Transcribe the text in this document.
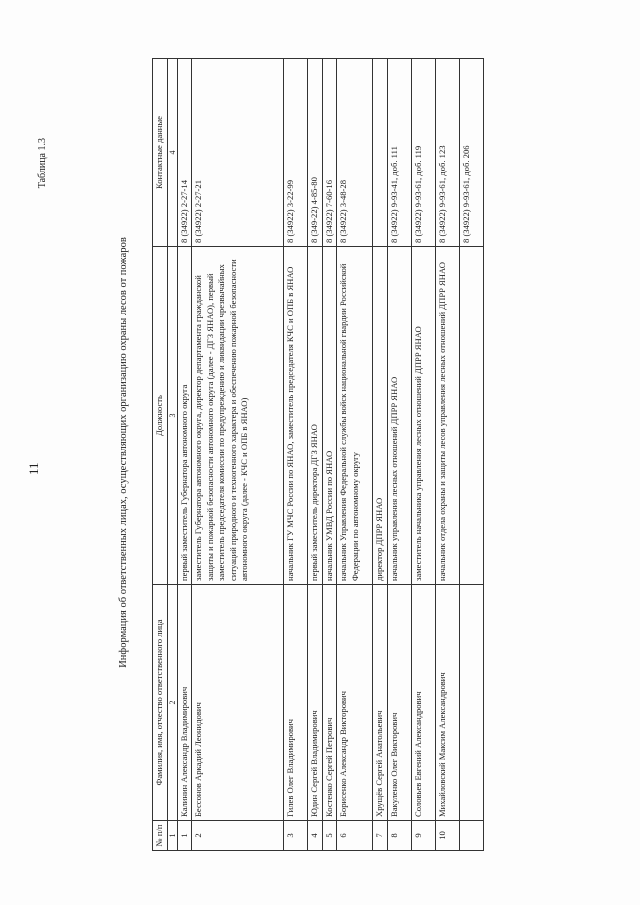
11
Таблица 1.3
Информация об ответственных лицах, осуществляющих организацию охраны лесов от пожаров
№ п/п	Фамилия, имя, отчество ответственного лица	Должность	Контактные данные
1	2	3	4
1	Калинин Александр Владимирович	первый заместитель Губернатора автономного округа	8 (34922) 2-27-14
2	Бессонов Аркадий Леонидович	заместитель Губернатора автономного округа, директор департамента гражданской защиты и пожарной безопасности автономного округа (далее - ДГЗ ЯНАО), первый заместитель председателя комиссии по предупреждению и ликвидации чрезвычайных ситуаций природного и техногенного характера и обеспечению пожарной безопасности автономного округа (далее - КЧС и ОПБ в ЯНАО)	8 (34922) 2-27-21
3	Гилев Олег Владимирович	начальник ГУ МЧС России по ЯНАО, заместитель председателя КЧС и ОПБ в ЯНАО	8 (34922) 3-22-99
4	Юдин Сергей Владимирович	первый заместитель директора ДГЗ ЯНАО	8 (349-22) 4-85-80
5	Костенко Сергей Петрович	начальник УМВД России по ЯНАО	8 (34922) 7-60-16
6	Борисенко Александр Викторович	начальник Управления Федеральной службы войск национальной гвардии Российской Федерации по автономному округу	8 (34922) 3-48-28
7	Хрущёв Сергей Анатольевич	директор ДПРР ЯНАО	
8	Вакуленко Олег Викторович	начальник управления лесных отношений ДПРР ЯНАО	8 (34922) 9-93-41, доб. 111
9	Соловьев Евгений Александрович	заместитель начальника управления лесных отношений ДПРР ЯНАО	8 (34922) 9-93-61, доб. 119
10	Михайловский Максим Александрович	начальник отдела охраны и защиты лесов управления лесных отношений ДПРР ЯНАО	8 (34922) 9-93-61, доб. 123
			8 (34922) 9-93-61, доб. 206
